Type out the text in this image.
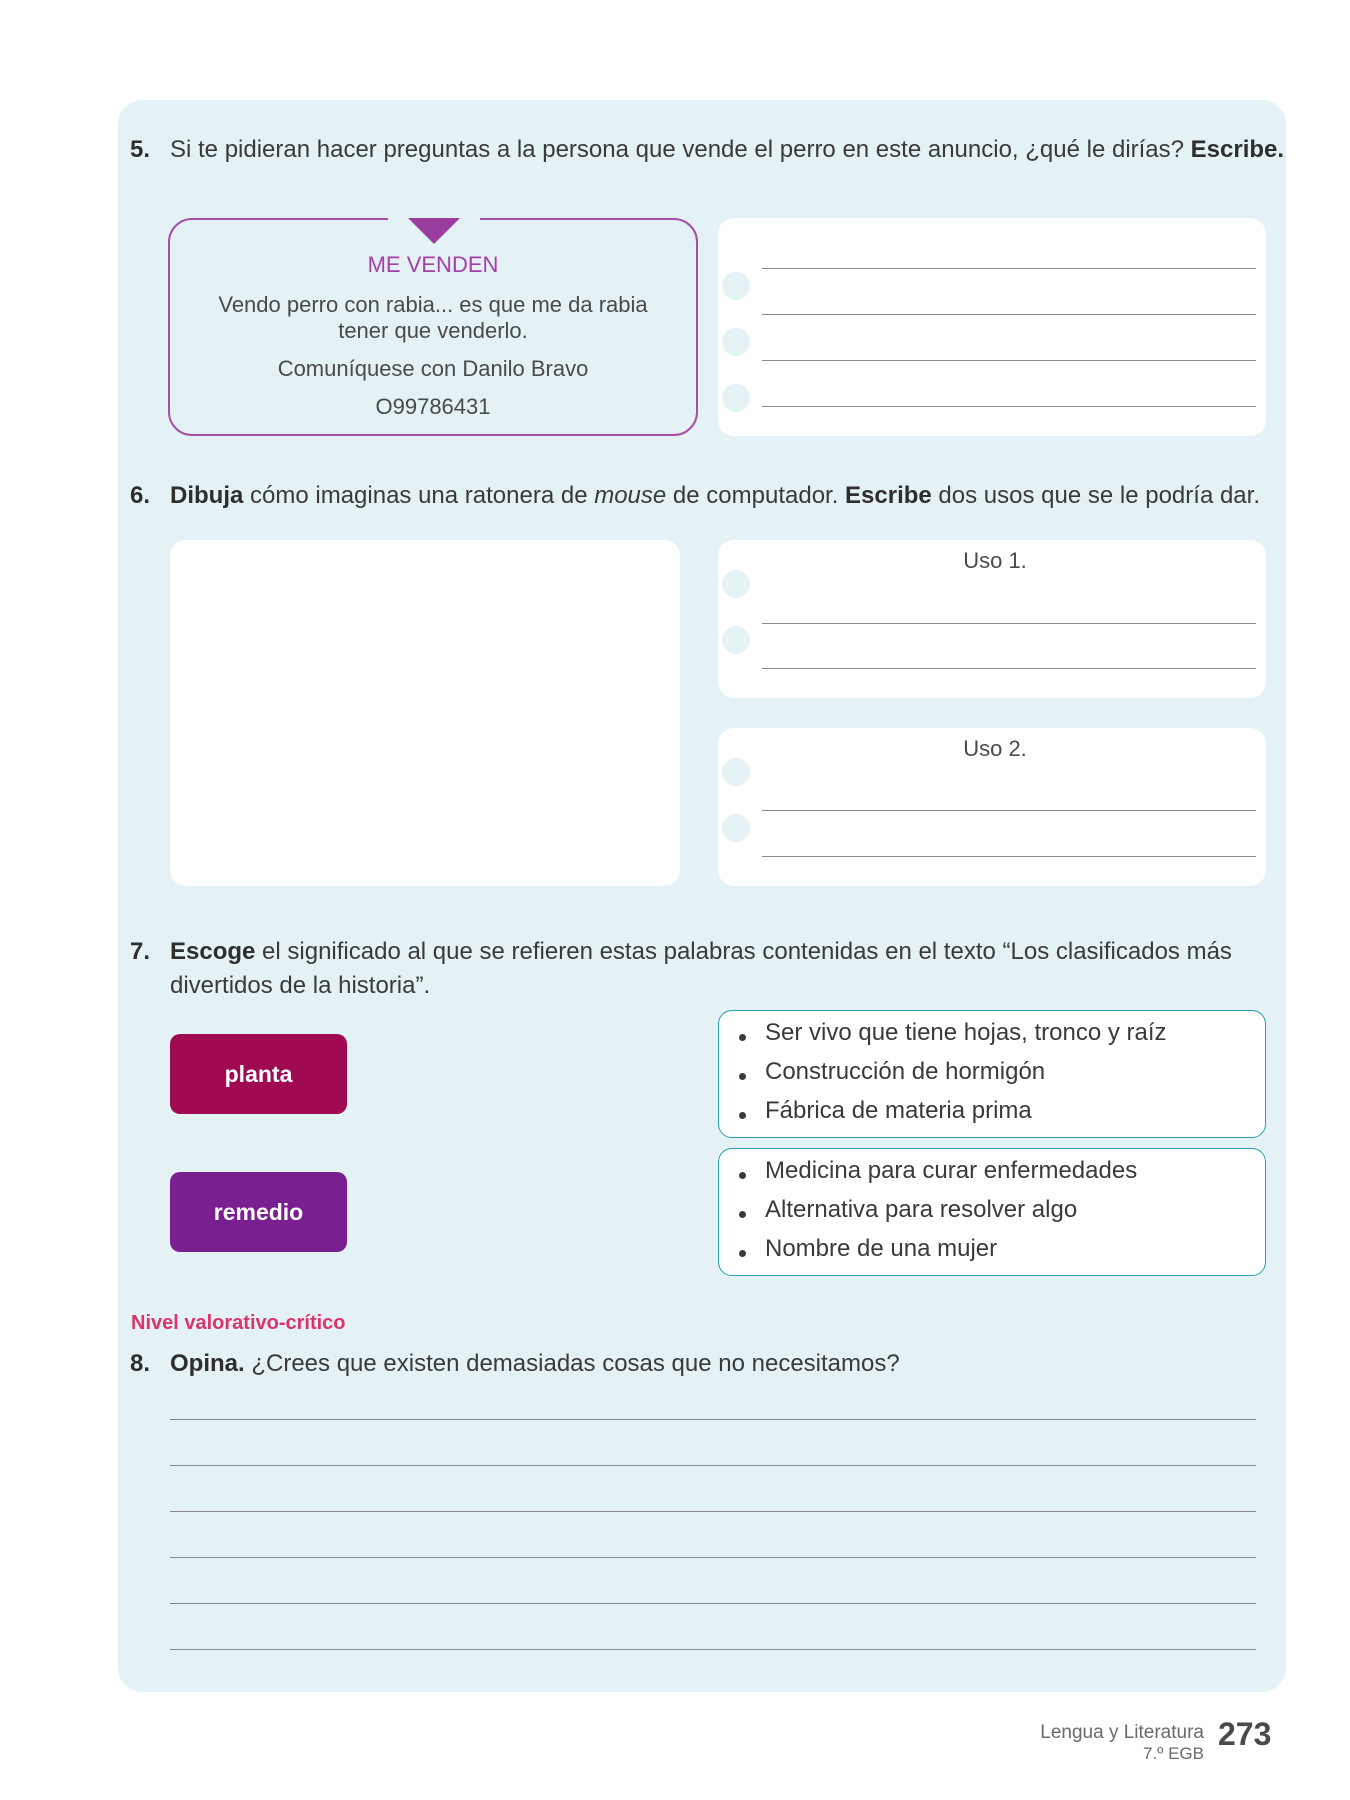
5. Si te pidieran hacer preguntas a la persona que vende el perro en este anuncio, ¿qué le dirías? Escribe.
ME VENDEN
Vendo perro con rabia... es que me da rabia
tener que venderlo.
Comuníquese con Danilo Bravo
O99786431
6. Dibuja cómo imaginas una ratonera de mouse de computador. Escribe dos usos que se le podría dar.
Uso 1.
Uso 2.
7. Escoge el significado al que se refieren estas palabras contenidas en el texto “Los clasificados más
divertidos de la historia”.
planta
Ser vivo que tiene hojas, tronco y raíz
Construcción de hormigón
Fábrica de materia prima
remedio
Medicina para curar enfermedades
Alternativa para resolver algo
Nombre de una mujer
Nivel valorativo-crítico
8. Opina. ¿Crees que existen demasiadas cosas que no necesitamos?
Lengua y Literatura
7.º EGB
273
